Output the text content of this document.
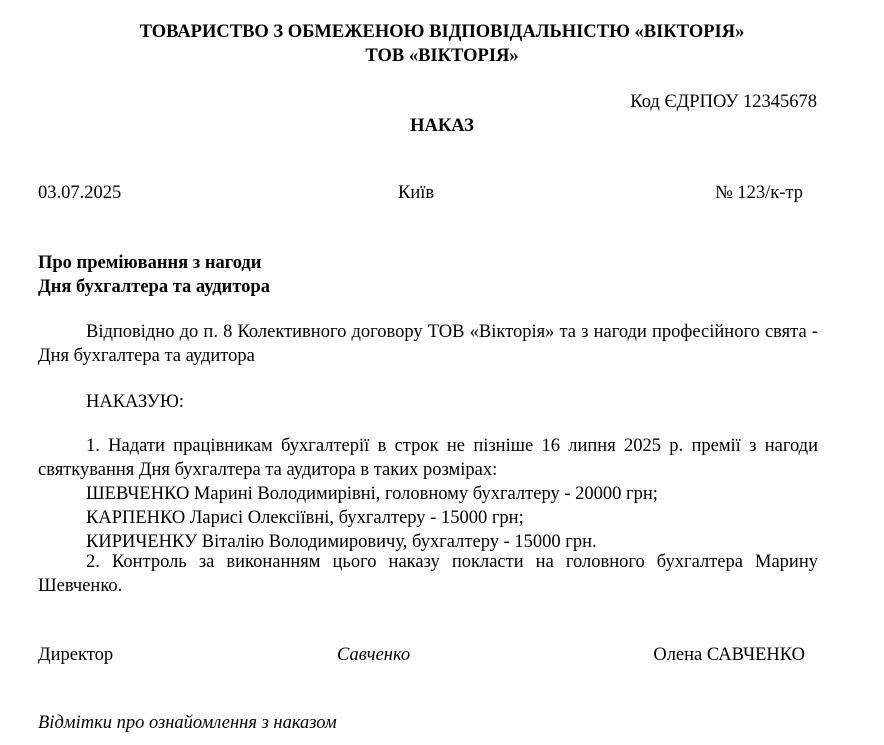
ТОВАРИСТВО З ОБМЕЖЕНОЮ ВІДПОВІДАЛЬНІСТЮ «ВІКТОРІЯ»
ТОВ «ВІКТОРІЯ»
Код ЄДРПОУ 12345678
НАКАЗ
03.07.2025	Київ	№ 123/к-тр
Про преміювання з нагоди
Дня бухгалтера та аудитора
Відповідно до п. 8 Колективного договору ТОВ «Вікторія» та з нагоди професійного свята - Дня бухгалтера та аудитора
НАКАЗУЮ:
1. Надати працівникам бухгалтерії в строк не пізніше 16 липня 2025 р. премії з нагоди святкування Дня бухгалтера та аудитора в таких розмірах:
ШЕВЧЕНКО Марині Володимирівні, головному бухгалтеру - 20000 грн;
КАРПЕНКО Ларисі Олексіївні, бухгалтеру - 15000 грн;
КИРИЧЕНКУ Віталію Володимировичу, бухгалтеру - 15000 грн.
2. Контроль за виконанням цього наказу покласти на головного бухгалтера Марину Шевченко.
Директор	Савченко	Олена САВЧЕНКО
Відмітки про ознайомлення з наказом
